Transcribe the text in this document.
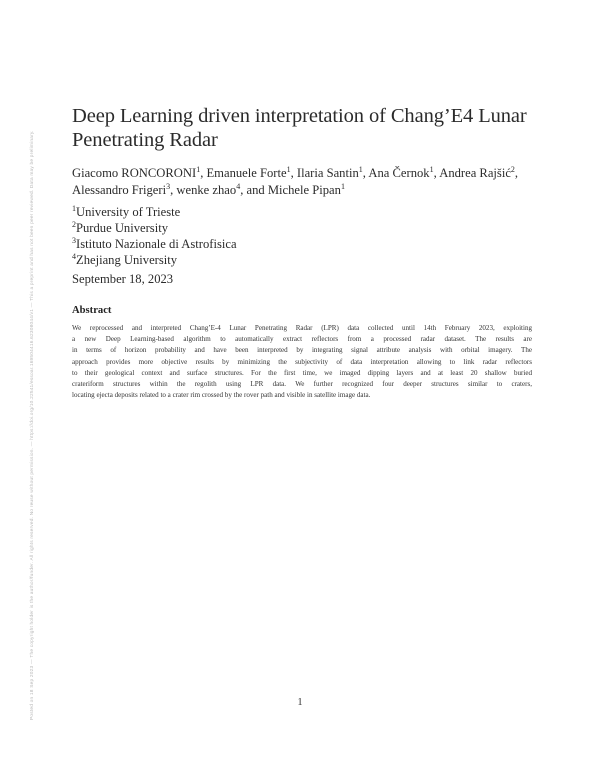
Deep Learning driven interpretation of Chang’E4 Lunar
Penetrating Radar
Giacomo RONCORONI$^1$, Emanuele Forte$^1$, Ilaria Santin$^1$, Ana Černok$^1$, Andrea Rajšić$^2$,
Alessandro Frigeri$^3$, wenke zhao$^4$, and Michele Pipan$^1$
$^1$University of Trieste
$^2$Purdue University
$^3$Istituto Nazionale di Astrofisica
$^4$Zhejiang University
September 18, 2023
Abstract
We reprocessed and interpreted Chang’E-4 Lunar Penetrating Radar (LPR) data collected until 14th February 2023, exploiting
a new Deep Learning-based algorithm to automatically extract reflectors from a processed radar dataset. The results are
in terms of horizon probability and have been interpreted by integrating signal attribute analysis with orbital imagery. The
approach provides more objective results by minimizing the subjectivity of data interpretation allowing to link radar reflectors
to their geological context and surface structures. For the first time, we imaged dipping layers and at least 20 shallow buried
crateriform structures within the regolith using LPR data. We further recognized four deeper structures similar to craters,
locating ejecta deposits related to a crater rim crossed by the rover path and visible in satellite image data.
1
Posted on 18 Sep 2023 — The copyright holder is the author/funder. All rights reserved. No reuse without permission. — https://doi.org/10.22541/essoar.169504416.62308044/v1 — This a preprint and has not been peer reviewed. Data may be preliminary.
